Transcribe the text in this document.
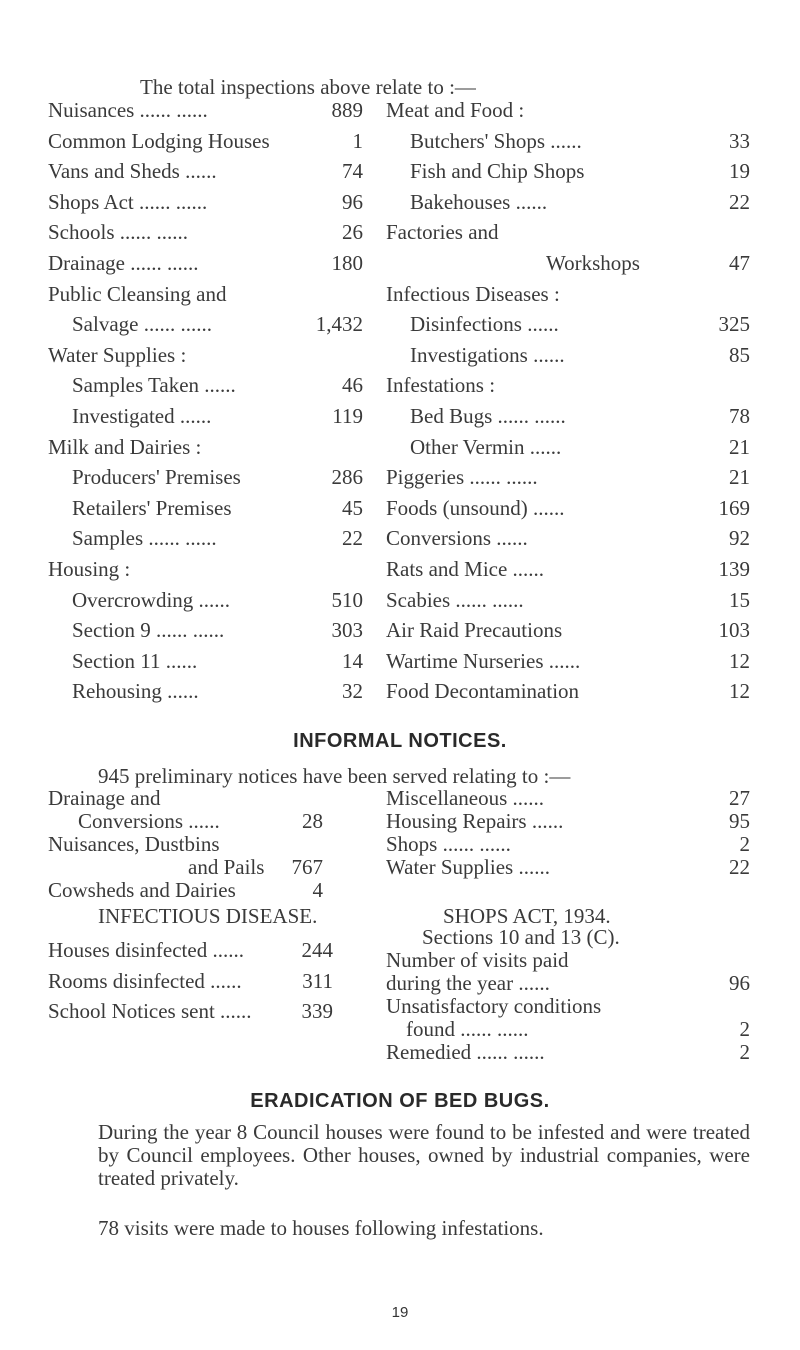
The total inspections above relate to :—
Nuisances ...... ......	889
Common Lodging Houses	1
Vans and Sheds ......	74
Shops Act ...... ......	96
Schools ...... ......	26
Drainage ...... ......	180
Public Cleansing and
Salvage ...... ......	1,432
Water Supplies :
Samples Taken ......	46
Investigated ......	119
Milk and Dairies :
Producers' Premises	286
Retailers' Premises	45
Samples ...... ......	22
Housing :
Overcrowding ......	510
Section 9 ...... ......	303
Section 11 ......	14
Rehousing ......	32
Meat and Food :
Butchers' Shops ......	33
Fish and Chip Shops	19
Bakehouses ......	22
Factories and
Workshops	47
Infectious Diseases :
Disinfections ......	325
Investigations ......	85
Infestations :
Bed Bugs ...... ......	78
Other Vermin ......	21
Piggeries ...... ......	21
Foods (unsound) ......	169
Conversions ......	92
Rats and Mice ......	139
Scabies ...... ......	15
Air Raid Precautions	103
Wartime Nurseries ......	12
Food Decontamination	12
INFORMAL NOTICES.
945 preliminary notices have been served relating to :—
Drainage and
Conversions ......	28
Nuisances, Dustbins
and Pails 767
Cowsheds and Dairies	4
Miscellaneous ......	27
Housing Repairs ......	95
Shops ...... ......	2
Water Supplies ......	22
INFECTIOUS DISEASE.
Houses disinfected ......	244
Rooms disinfected ......	311
School Notices sent ...... 339
SHOPS ACT, 1934.
Sections 10 and 13 (C).
Number of visits paid
during the year ......	96
Unsatisfactory conditions
found ...... ......	2
Remedied ...... ......	2
ERADICATION OF BED BUGS.
During the year 8 Council houses were found to be infested and were treated by Council employees. Other houses, owned by industrial companies, were treated privately.
78 visits were made to houses following infestations.
19
